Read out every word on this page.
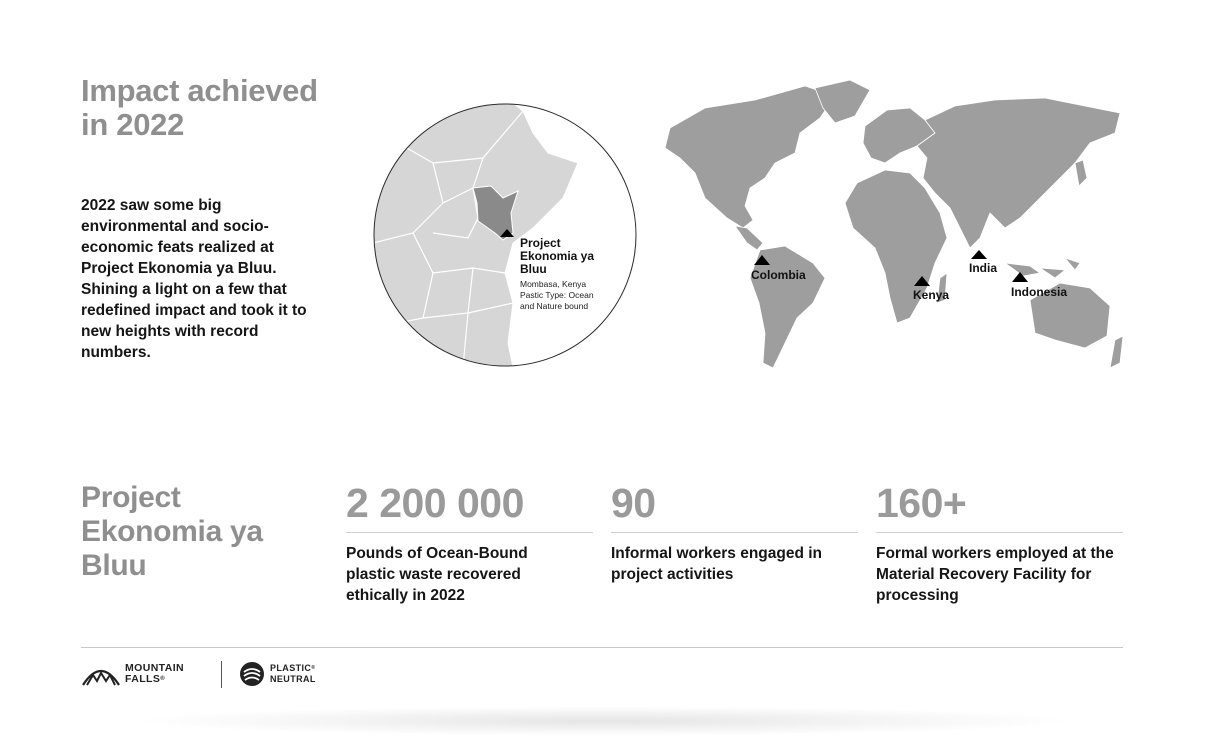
Impact achieved in 2022

2022 saw some big environmental and socio-economic feats realized at Project Ekonomia ya Bluu. Shining a light on a few that redefined impact and took it to new heights with record numbers.

Project
Ekonomia ya
Bluu
Mombasa, Kenya
Pastic Type: Ocean
and Nature bound
Colombia
Kenya
India
Indonesia
Project Ekonomia ya Bluu
2 200 000
Pounds of Ocean-Bound plastic waste recovered ethically in 2022
90
Informal workers engaged in project activities
160+
Formal workers employed at the Material Recovery Facility for processing
MOUNTAIN
FALLS®
PLASTIC®
NEUTRAL
